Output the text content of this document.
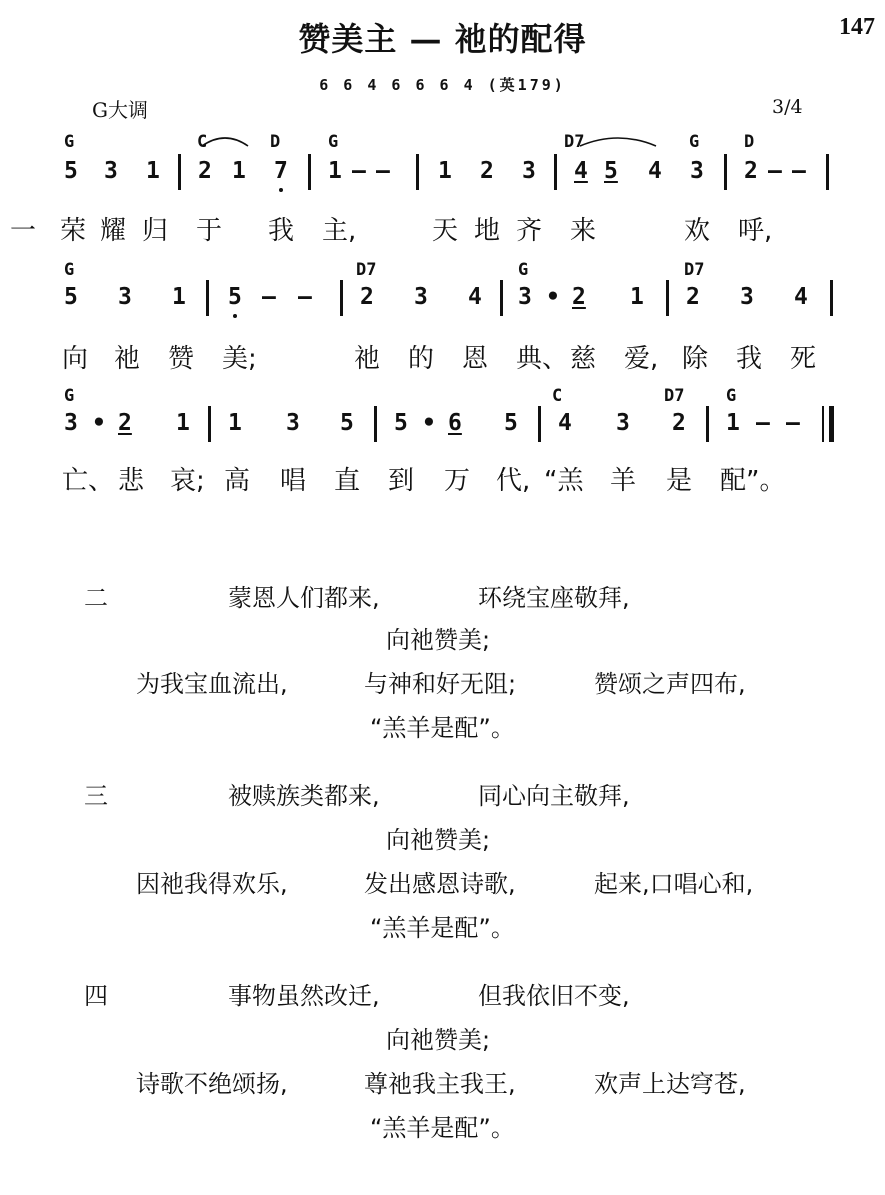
赞美主 — 祂的配得	147
6 6 4 6 6 6 4 (英179)
G大调	3/4
G	C	D	G	D7	G	D
5 3 1 2 1 7 1 — — 1 2 3 4 5 4 3 2 — —
一 荣 耀 归 于 我 主,	天 地 齐 来	欢 呼,
G	D7	G	D7
5 3 1 5 — — 2 3 4 3 • 2 1 2 3 4
向 祂 赞 美;	祂 的 恩 典、 慈 爱, 除 我 死
G	C	D7 G
3 • 2 1 1 3 5 5 • 6 5 4 3 2 1 — —
亡、 悲 哀; 高 唱 直 到 万 代, “羔 羊 是 配”。
二	蒙恩人们都来,	环绕宝座敬拜,
向祂赞美;
为我宝血流出,	与神和好无阻;	赞颂之声四布,
“羔羊是配”。
三	被赎族类都来,	同心向主敬拜,
向祂赞美;
因祂我得欢乐,	发出感恩诗歌,	起来,口唱心和,
“羔羊是配”。
四	事物虽然改迁,	但我依旧不变,
向祂赞美;
诗歌不绝颂扬,	尊祂我主我王,	欢声上达穹苍,
“羔羊是配”。
